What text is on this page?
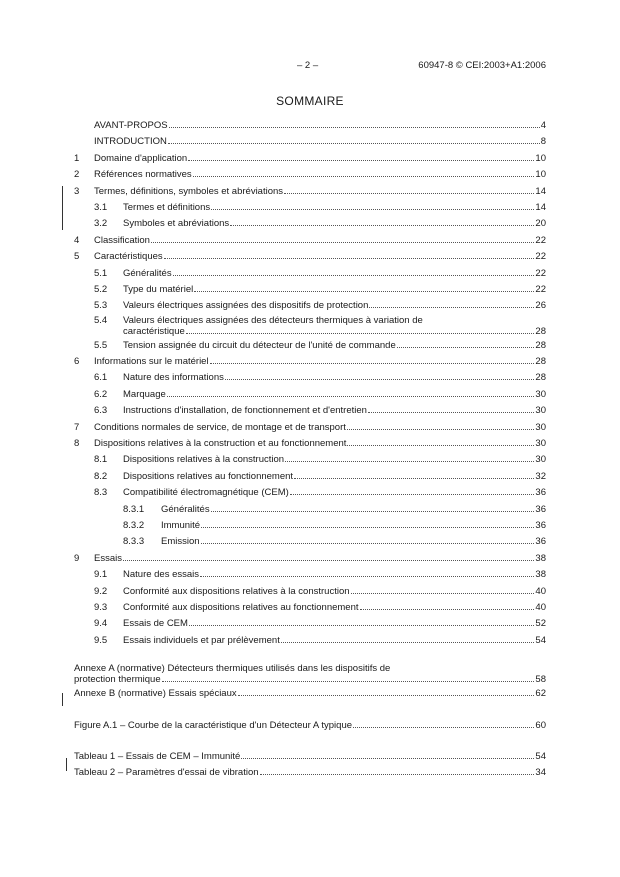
– 2 –	60947-8 © CEI:2003+A1:2006
SOMMAIRE
AVANT-PROPOS	4
INTRODUCTION	8
1	Domaine d'application	10
2	Références normatives	10
3	Termes, définitions, symboles et abréviations	14
3.1	Termes et définitions	14
3.2	Symboles et abréviations	20
4	Classification	22
5	Caractéristiques	22
5.1	Généralités	22
5.2	Type du matériel	22
5.3	Valeurs électriques assignées des dispositifs de protection	26
5.4	Valeurs électriques assignées des détecteurs thermiques à variation de
caractéristique	28
5.5	Tension assignée du circuit du détecteur de l'unité de commande	28
6	Informations sur le matériel	28
6.1	Nature des informations	28
6.2	Marquage	30
6.3	Instructions d'installation, de fonctionnement et d'entretien	30
7	Conditions normales de service, de montage et de transport	30
8	Dispositions relatives à la construction et au fonctionnement	30
8.1	Dispositions relatives à la construction	30
8.2	Dispositions relatives au fonctionnement	32
8.3	Compatibilité électromagnétique (CEM)	36
8.3.1	Généralités	36
8.3.2	Immunité	36
8.3.3	Emission	36
9	Essais	38
9.1	Nature des essais	38
9.2	Conformité aux dispositions relatives à la construction	40
9.3	Conformité aux dispositions relatives au fonctionnement	40
9.4	Essais de CEM	52
9.5	Essais individuels et par prélèvement	54
Annexe A (normative) Détecteurs thermiques utilisés dans les dispositifs de
protection thermique	58
Annexe B (normative) Essais spéciaux	62
Figure A.1 – Courbe de la caractéristique d'un Détecteur A typique	60
Tableau 1 – Essais de CEM – Immunité	54
Tableau 2 – Paramètres d'essai de vibration	34
